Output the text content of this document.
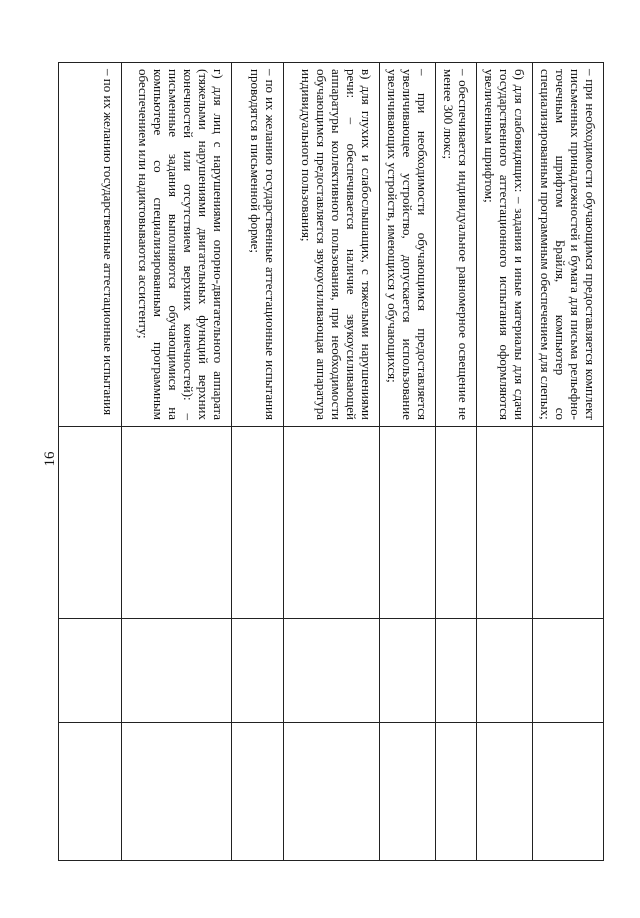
16
– при необходимости обучающимся предоставляется комплект письменных принадлежностей и бумага для письма рельефно-точечным шрифтом Брайля, компьютер со специализированным программным обеспечением для слепых;			
б) для слабовидящих: – задания и иные материалы для сдачи государственного аттестационного испытания оформляются увеличенным шрифтом;			
– обеспечивается индивидуальное равномерное освещение не менее 300 люкс;			
– при необходимости обучающимся предоставляется увеличивающее устройство, допускается использование увеличивающих устройств, имеющихся у обучающихся;			
в) для глухих и слабослышащих, с тяжелыми нарушениями речи: – обеспечивается наличие звукоусиливающей аппаратуры коллективного пользования, при необходимости обучающимся предоставляется звукоусиливающая аппаратура индивидуального пользования;			
– по их желанию государственные аттестационные испытания проводятся в письменной форме;			
г) для лиц с нарушениями опорно-двигательного аппарата (тяжелыми нарушениями двигательных функций верхних конечностей или отсутствием верхних конечностей): – письменные задания выполняются обучающимися на компьютере со специализированным программным обеспечением или надиктовываются ассистенту;			
– по их желанию государственные аттестационные испытания			
